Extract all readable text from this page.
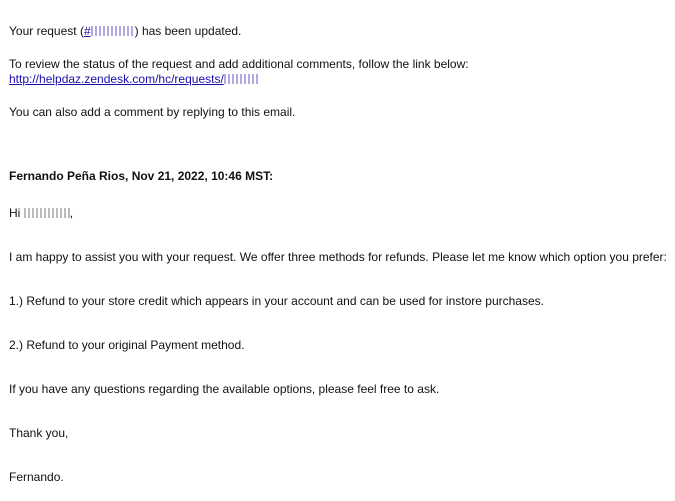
Your request (#	) has been updated.
To review the status of the request and add additional comments, follow the link below:
http://helpdaz.zendesk.com/hc/requests/
You can also add a comment by replying to this email.
Fernando Peña Rios, Nov 21, 2022, 10:46 MST:
Hi	,
I am happy to assist you with your request. We offer three methods for refunds. Please let me know which option you prefer:
1.) Refund to your store credit which appears in your account and can be used for instore purchases.
2.) Refund to your original Payment method.
If you have any questions regarding the available options, please feel free to ask.
Thank you,
Fernando.
